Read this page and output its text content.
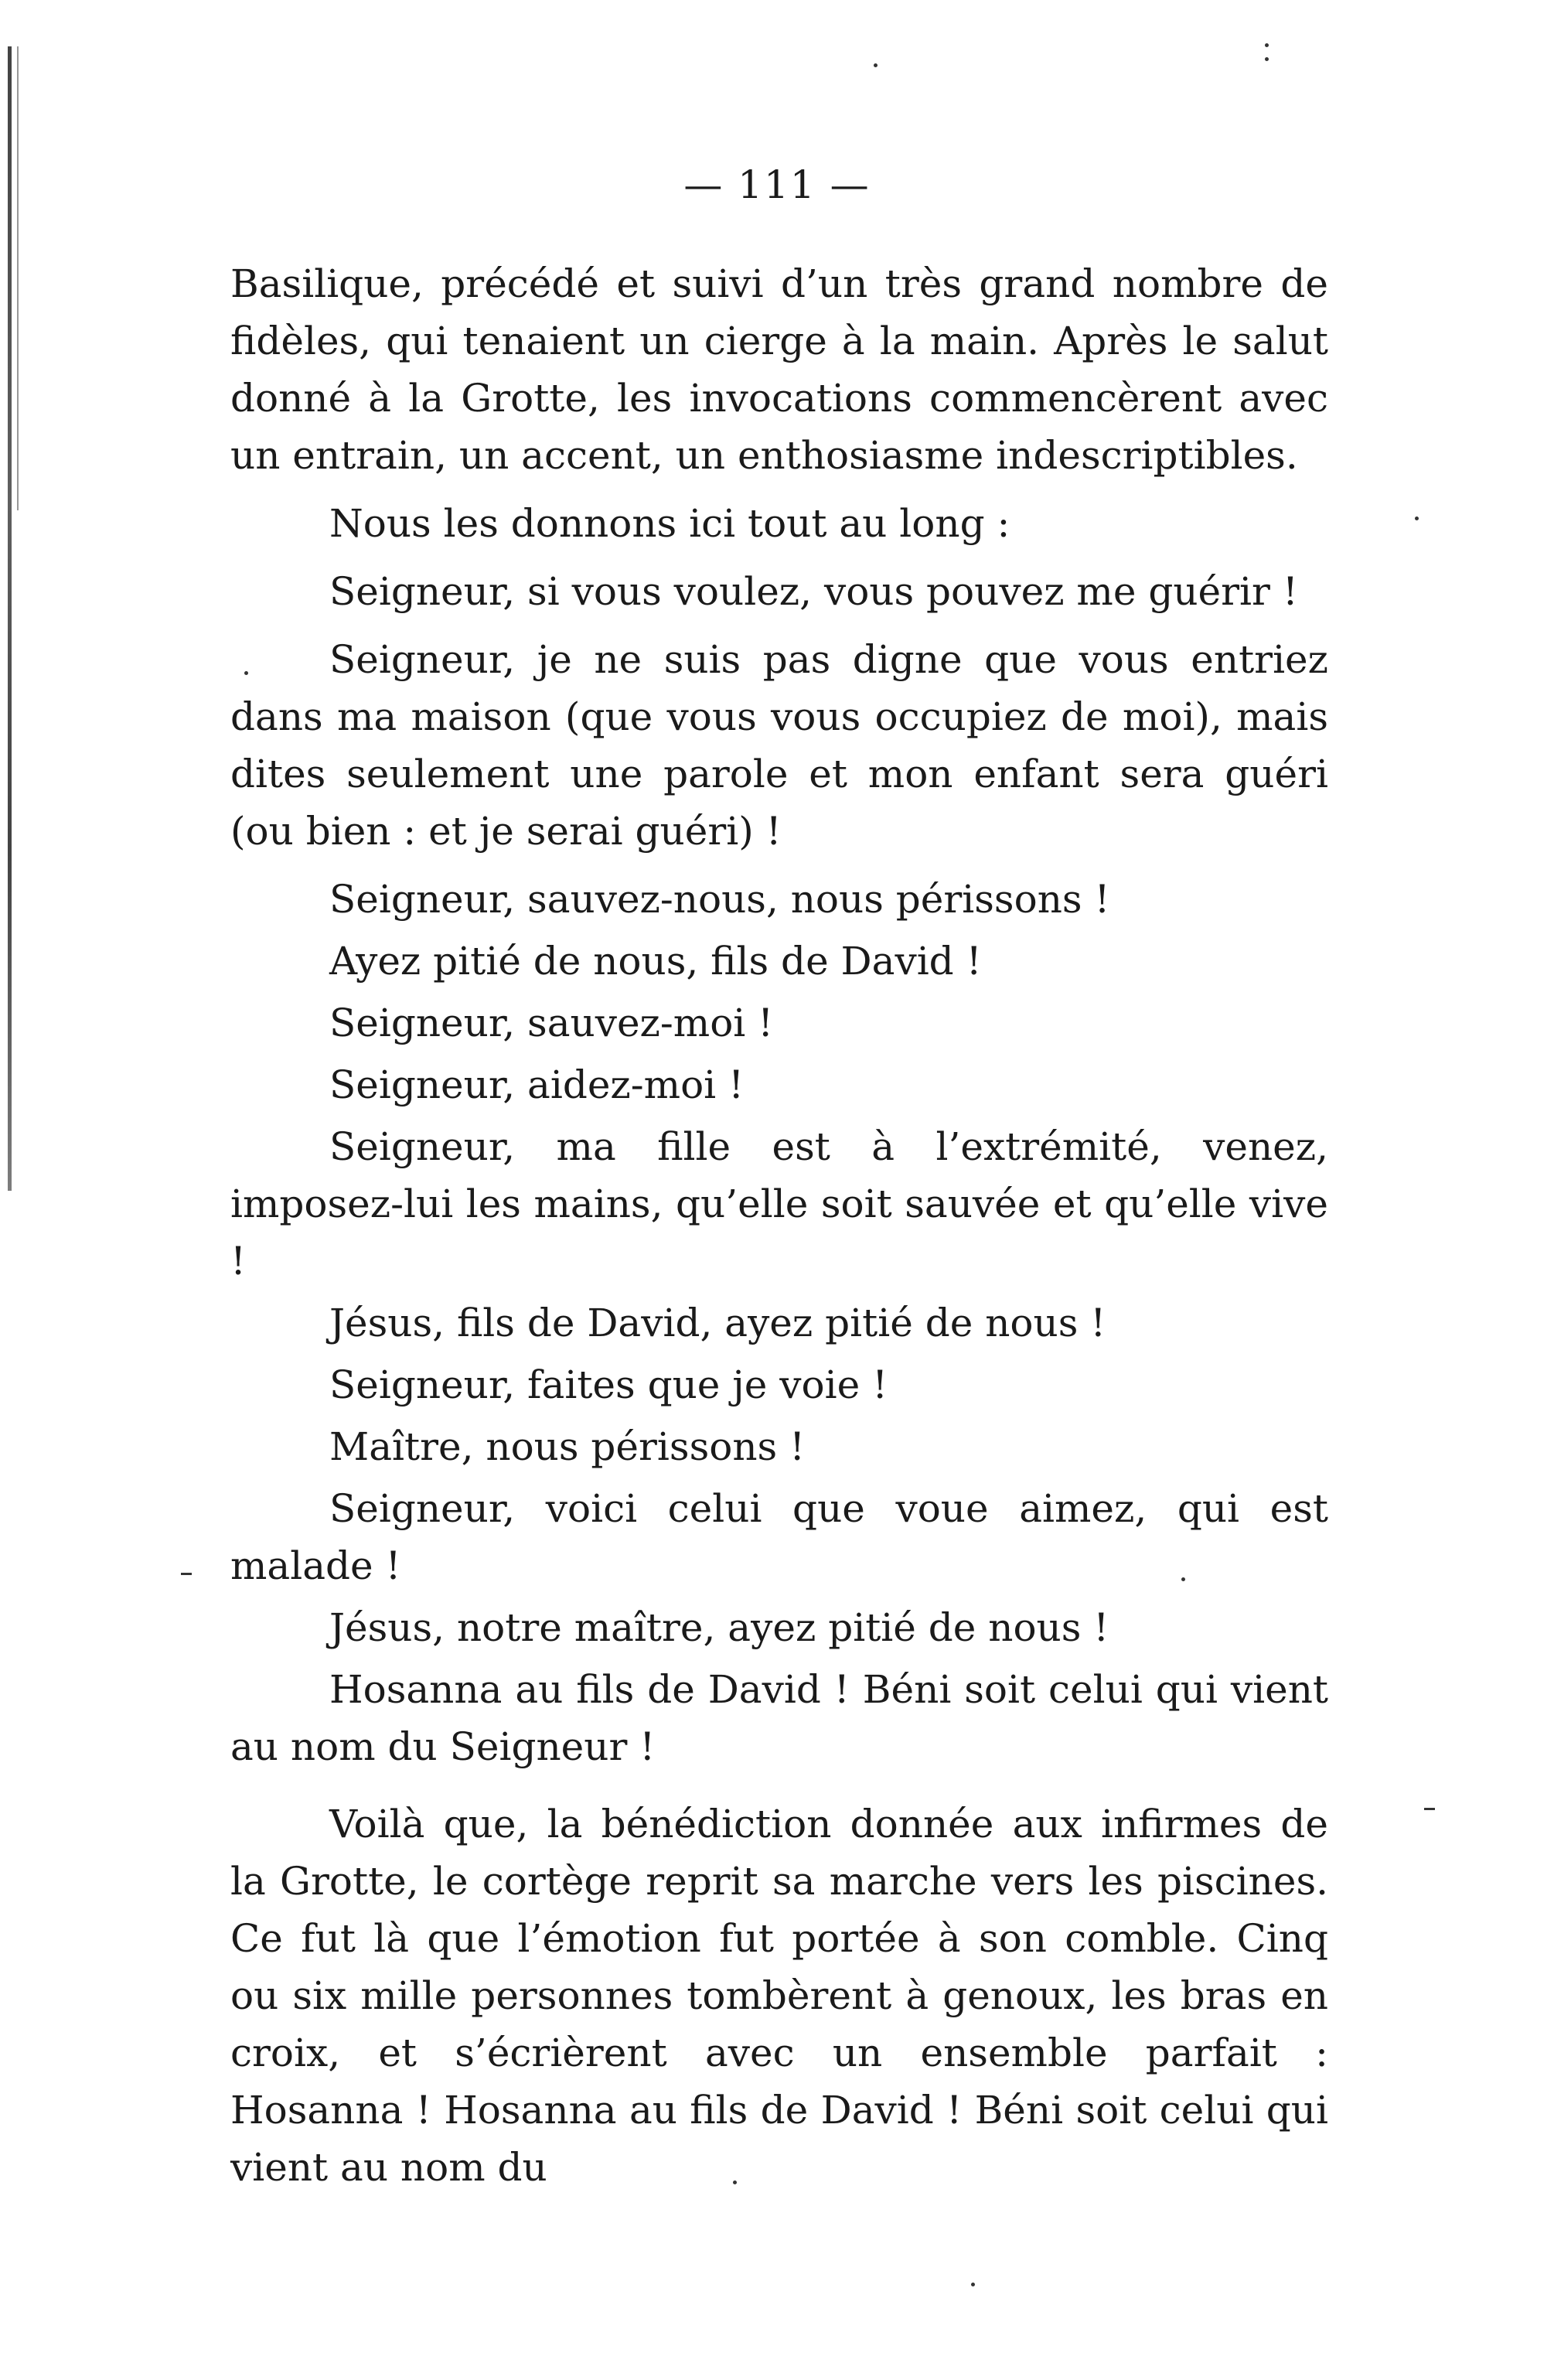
— 111 —

Basilique, précédé et suivi d’un très grand nombre de fidèles, qui tenaient un cierge à la main. Après le salut donné à la Grotte, les invocations commencèrent avec un entrain, un accent, un enthosiasme indescriptibles.

Nous les donnons ici tout au long :

Seigneur, si vous voulez, vous pouvez me guérir !

Seigneur, je ne suis pas digne que vous entriez dans ma maison (que vous vous occupiez de moi), mais dites seulement une parole et mon enfant sera guéri (ou bien : et je serai guéri) !

Seigneur, sauvez-nous, nous périssons !

Ayez pitié de nous, fils de David !

Seigneur, sauvez-moi !

Seigneur, aidez-moi !

Seigneur, ma fille est à l’extrémité, venez, imposez-lui les mains, qu’elle soit sauvée et qu’elle vive !

Jésus, fils de David, ayez pitié de nous !

Seigneur, faites que je voie !

Maître, nous périssons !

Seigneur, voici celui que voue aimez, qui est malade !

Jésus, notre maître, ayez pitié de nous !

Hosanna au fils de David ! Béni soit celui qui vient au nom du Seigneur !

Voilà que, la bénédiction donnée aux infirmes de la Grotte, le cortège reprit sa marche vers les piscines. Ce fut là que l’émotion fut portée à son comble. Cinq ou six mille personnes tombèrent à genoux, les bras en croix, et s’écrièrent avec un ensemble parfait : Hosanna ! Hosanna au fils de David ! Béni soit celui qui vient au nom du
